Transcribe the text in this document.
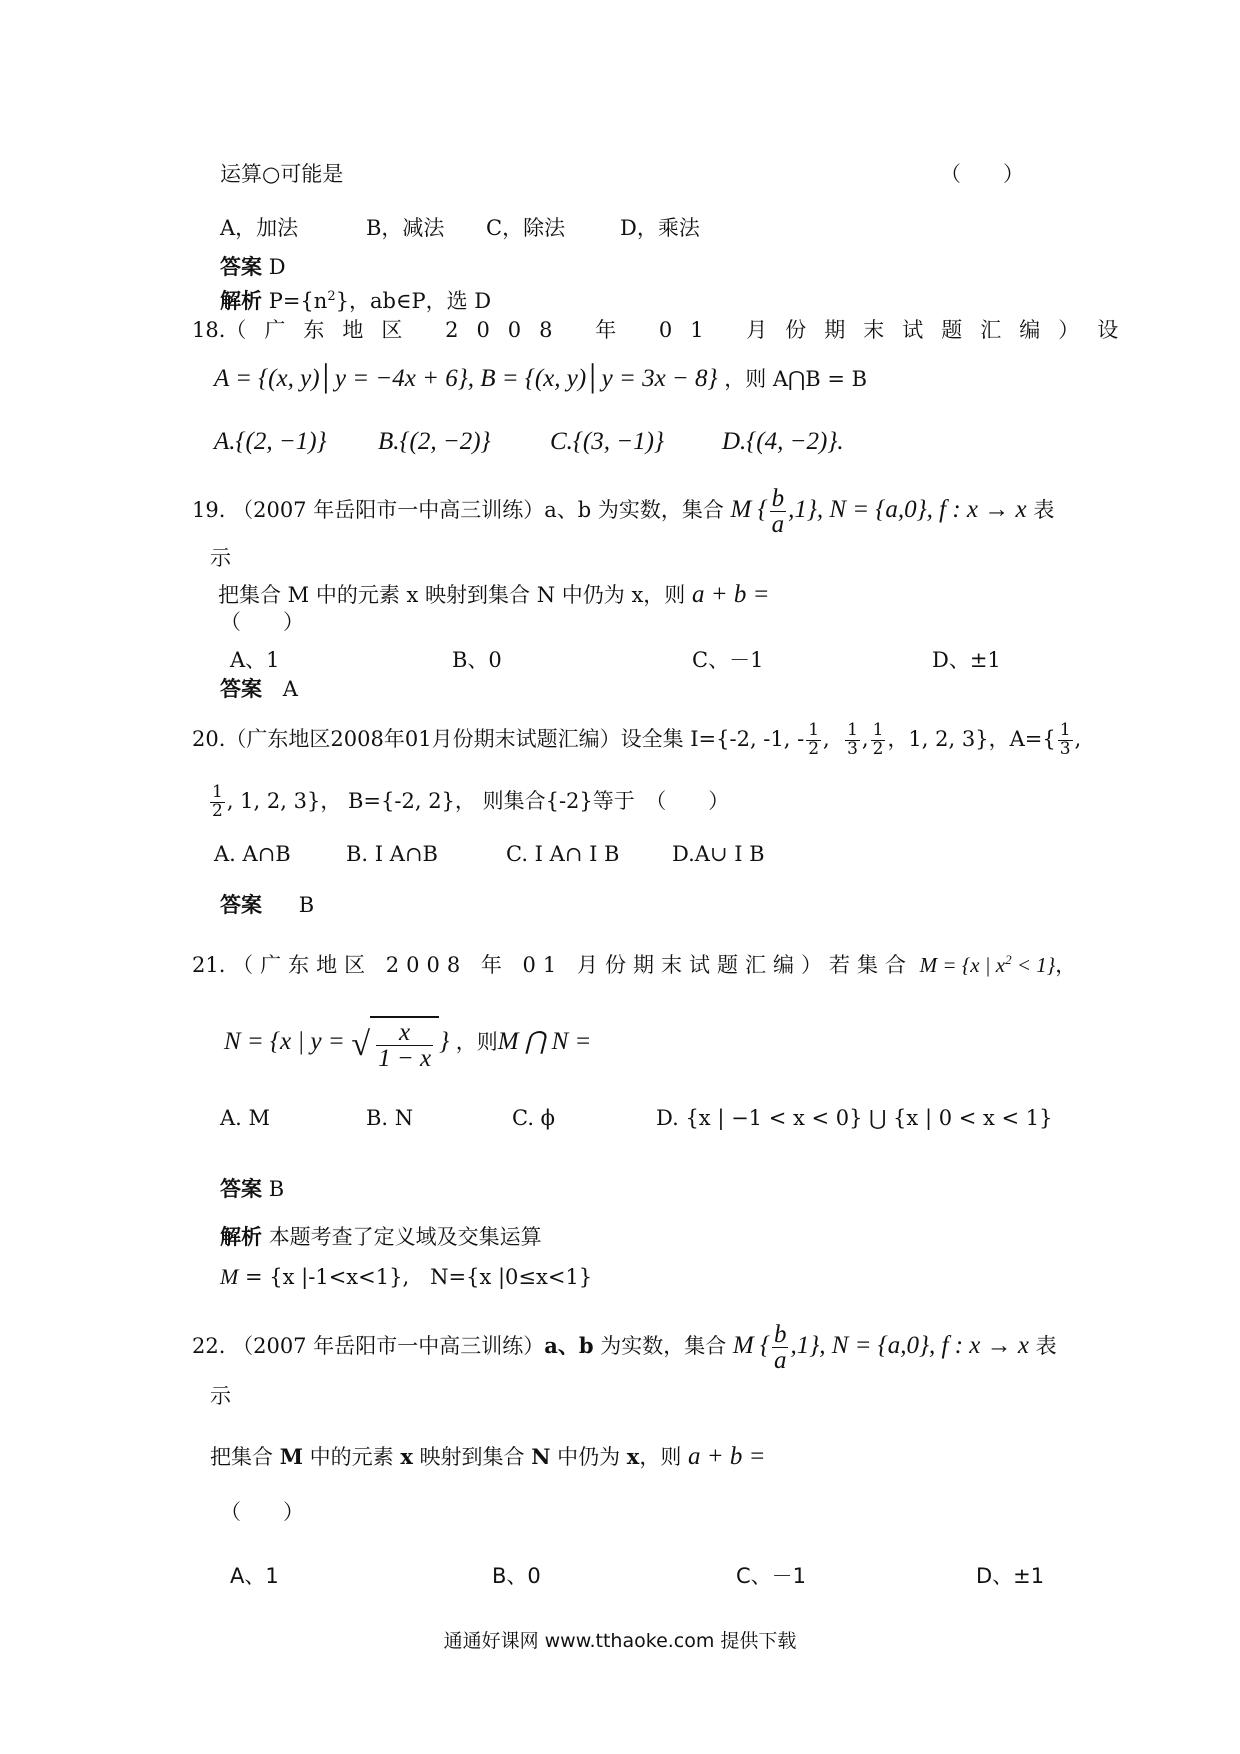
运算○可能是	（　　）
A，加法	B，减法 C，除法	D，乘法
答案 D
解析 $P=\{n^2\}$，ab∈P，选 D
18. （广东地区 2008 年 01 月份期末试题汇编）设
A = {(x, y)│y = −4x + 6}, B = {(x, y)│y = 3x − 8} ，则 A⋂B = B
A.{(2, −1)} B.{(2, −2)} C.{(3, −1)} D.{(4, −2)}.
19. （2007 年岳阳市一中高三训练）a、b 为实数，集合 M { $\frac{b}{a} ,1$}, N = {a,0}, f : x → x 表
示
把集合 M 中的元素 x 映射到集合 N 中仍为 x，则 a + b =
（　　）
A、1	B、0	C、－1	D、±1
答案 A
20.（广东地区2008年01月份期末试题汇编）设全集 I={-2, -1, - $\frac{1}{2}$ , $\frac{1}{3}$ , $\frac{1}{2}$ ，1, 2, 3}，$A=\{ \frac{1}{3}$ ,
$\frac{1}{2}$ , 1, 2, 3}， B={-2, 2}， 则集合{-2}等于　（　　）
A. A∩B	B. I A∩B	C. I A∩ I B	D.A∪ I B
答案 B
21. （广东地区 2008 年 01 月份期末试题汇编）若集合 M = {x | $x^2 < 1$}，
N = {x | y = √ $\frac{x}{1 - x}$ } ，则M ⋂ N =
A. M	B. N	C. ϕ	D. {x | −1 < x < 0} ⋃ {x | 0 < x < 1}
答案 B
解析 本题考查了定义域及交集运算
M = {x |-1<x<1},　N={x |0≤x<1}
22. （2007 年岳阳市一中高三训练）a、b 为实数，集合 M { $\frac{b}{a} ,1$}, N = {a,0}, f : x → x 表
示
把集合 M 中的元素 x 映射到集合 N 中仍为 x，则 a + b =
（　　）
A、1	B、0	C、－1	D、±1
通通好课网 www.tthaoke.com 提供下载
